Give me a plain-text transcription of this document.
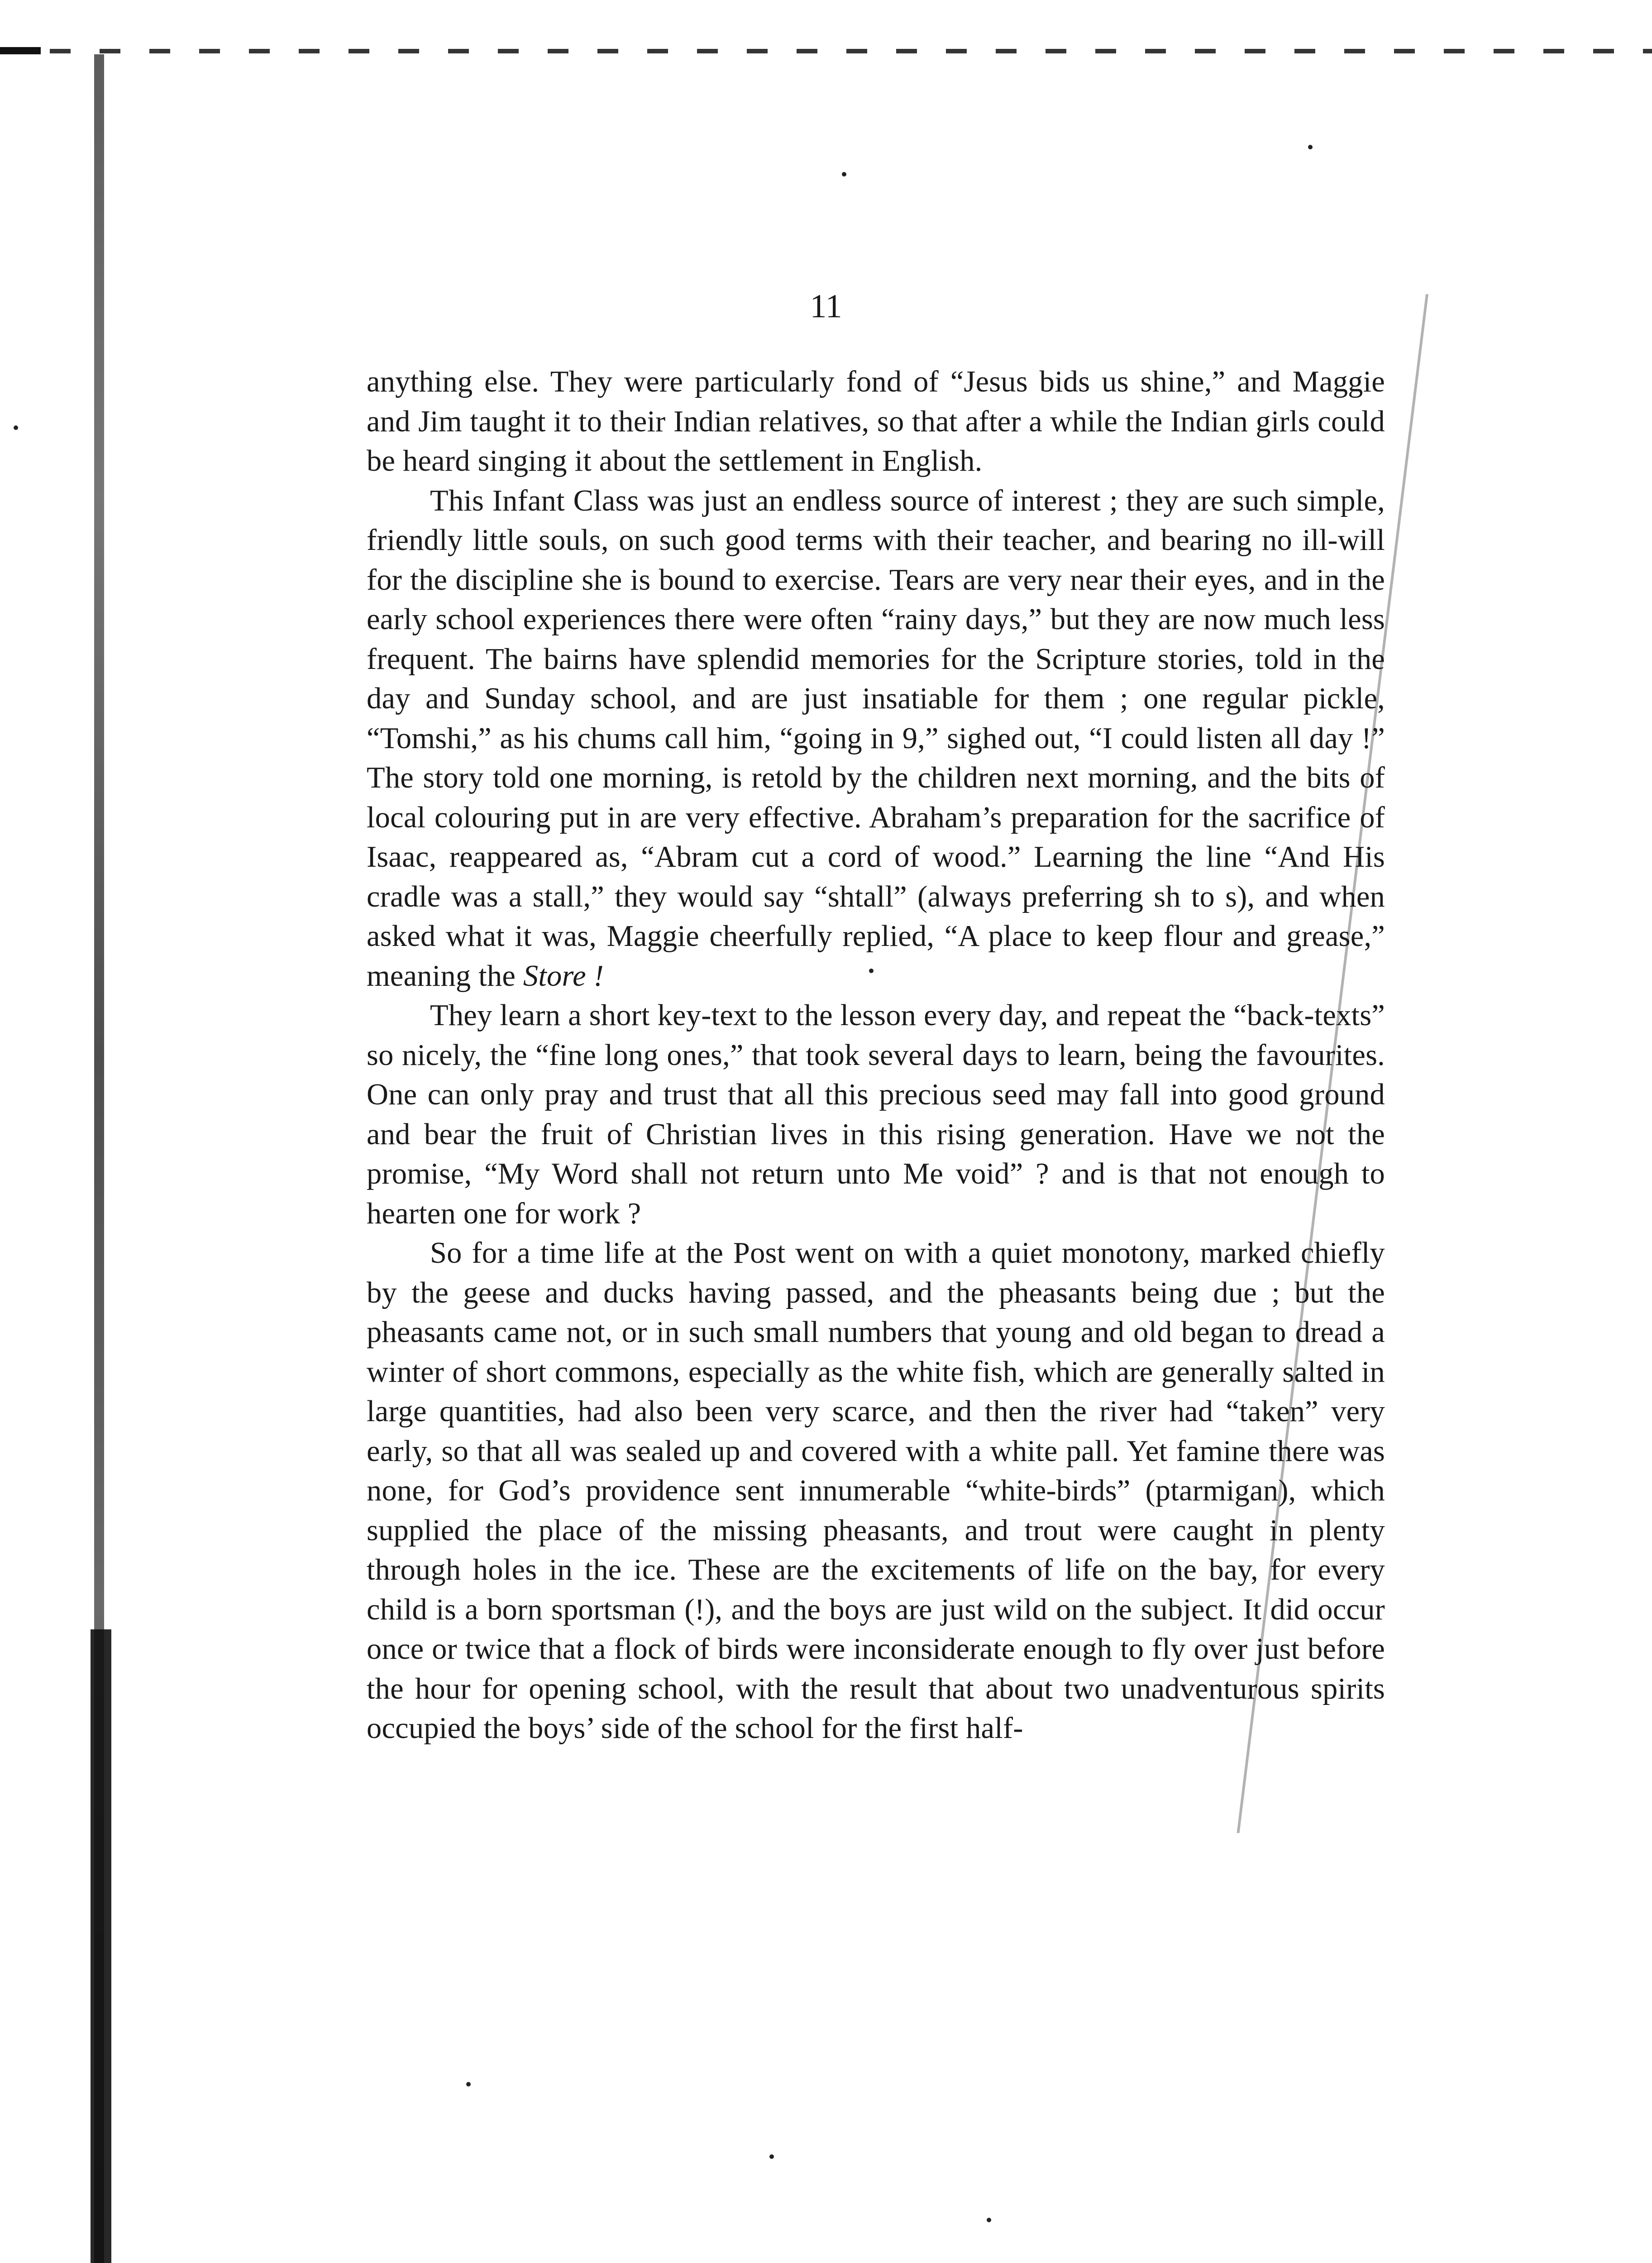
11

anything else. They were particularly fond of “Jesus bids us shine,” and Maggie and Jim taught it to their Indian relatives, so that after a while the Indian girls could be heard singing it about the settlement in English.

This Infant Class was just an endless source of interest ; they are such simple, friendly little souls, on such good terms with their teacher, and bearing no ill-will for the discipline she is bound to exercise. Tears are very near their eyes, and in the early school experiences there were often “rainy days,” but they are now much less frequent. The bairns have splendid memories for the Scripture stories, told in the day and Sunday school, and are just insatiable for them ; one regular pickle, “Tomshi,” as his chums call him, “going in 9,” sighed out, “I could listen all day !” The story told one morning, is retold by the children next morning, and the bits of local colouring put in are very effective. Abraham’s preparation for the sacrifice of Isaac, reappeared as, “Abram cut a cord of wood.” Learning the line “And His cradle was a stall,” they would say “shtall” (always preferring sh to s), and when asked what it was, Maggie cheerfully replied, “A place to keep flour and grease,” meaning the Store !

They learn a short key-text to the lesson every day, and repeat the “back-texts” so nicely, the “fine long ones,” that took several days to learn, being the favourites. One can only pray and trust that all this precious seed may fall into good ground and bear the fruit of Christian lives in this rising generation. Have we not the promise, “My Word shall not return unto Me void” ? and is that not enough to hearten one for work ?

So for a time life at the Post went on with a quiet monotony, marked chiefly by the geese and ducks having passed, and the pheasants being due ; but the pheasants came not, or in such small numbers that young and old began to dread a winter of short commons, especially as the white fish, which are generally salted in large quantities, had also been very scarce, and then the river had “taken” very early, so that all was sealed up and covered with a white pall. Yet famine there was none, for God’s providence sent innumerable “white-birds” (ptarmigan), which supplied the place of the missing pheasants, and trout were caught in plenty through holes in the ice. These are the excitements of life on the bay, for every child is a born sportsman (!), and the boys are just wild on the subject. It did occur once or twice that a flock of birds were inconsiderate enough to fly over just before the hour for opening school, with the result that about two unadventurous spirits occupied the boys’ side of the school for the first half-
